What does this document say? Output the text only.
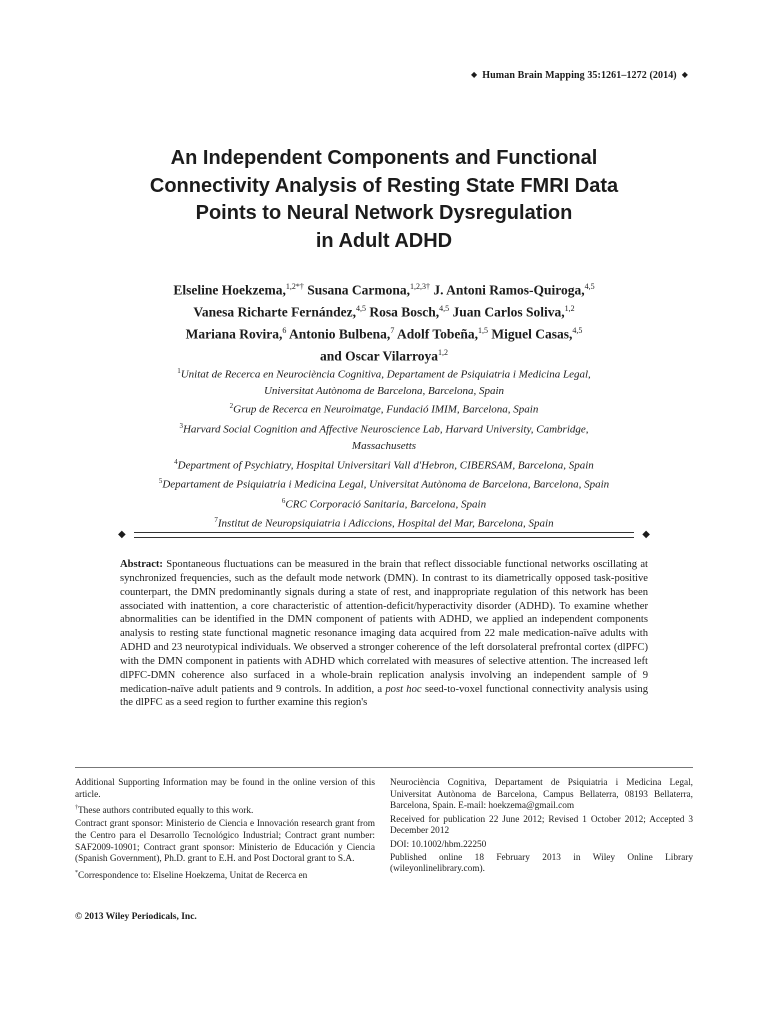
◆ Human Brain Mapping 35:1261–1272 (2014) ◆
An Independent Components and Functional
Connectivity Analysis of Resting State FMRI Data
Points to Neural Network Dysregulation
in Adult ADHD
Elseline Hoekzema,$^{1,2*\dagger}$ Susana Carmona,$^{1,2,3\dagger}$ J. Antoni Ramos-Quiroga,$^{4,5}$
Vanesa Richarte Fernández,$^{4,5}$ Rosa Bosch,$^{4,5}$ Juan Carlos Soliva,$^{1,2}$
Mariana Rovira,$^6$ Antonio Bulbena,$^7$ Adolf Tobeña,$^{1,5}$ Miguel Casas,$^{4,5}$
and Oscar Vilarroya$^{1,2}$
$^1$Unitat de Recerca en Neurociència Cognitiva, Departament de Psiquiatria i Medicina Legal,
Universitat Autònoma de Barcelona, Barcelona, Spain
$^2$Grup de Recerca en Neuroimatge, Fundació IMIM, Barcelona, Spain
$^3$Harvard Social Cognition and Affective Neuroscience Lab, Harvard University, Cambridge,
Massachusetts
$^4$Department of Psychiatry, Hospital Universitari Vall d'Hebron, CIBERSAM, Barcelona, Spain
$^5$Departament de Psiquiatria i Medicina Legal, Universitat Autònoma de Barcelona, Barcelona, Spain
$^6$CRC Corporació Sanitaria, Barcelona, Spain
$^7$Institut de Neuropsiquiatria i Adiccions, Hospital del Mar, Barcelona, Spain
◆	◆
Abstract: Spontaneous fluctuations can be measured in the brain that reflect dissociable functional networks oscillating at synchronized frequencies, such as the default mode network (DMN). In contrast to its diametrically opposed task-positive counterpart, the DMN predominantly signals during a state of rest, and inappropriate regulation of this network has been associated with inattention, a core characteristic of attention-deficit/hyperactivity disorder (ADHD). To examine whether abnormalities can be identified in the DMN component of patients with ADHD, we applied an independent components analysis to resting state functional magnetic resonance imaging data acquired from 22 male medication-naïve adults with ADHD and 23 neurotypical individuals. We observed a stronger coherence of the left dorsolateral prefrontal cortex (dlPFC) with the DMN component in patients with ADHD which correlated with measures of selective attention. The increased left dlPFC-DMN coherence also surfaced in a whole-brain replication analysis involving an independent sample of 9 medication-naïve adult patients and 9 controls. In addition, a post hoc seed-to-voxel functional connectivity analysis using the dlPFC as a seed region to further examine this region's

Additional Supporting Information may be found in the online version of this article.

†These authors contributed equally to this work.

Contract grant sponsor: Ministerio de Ciencia e Innovación research grant from the Centro para el Desarrollo Tecnológico Industrial; Contract grant number: SAF2009-10901; Contract grant sponsor: Ministerio de Educación y Ciencia (Spanish Government), Ph.D. grant to E.H. and Post Doctoral grant to S.A.

*Correspondence to: Elseline Hoekzema, Unitat de Recerca en

Neurociència Cognitiva, Departament de Psiquiatria i Medicina Legal, Universitat Autònoma de Barcelona, Campus Bellaterra, 08193 Bellaterra, Barcelona, Spain. E-mail: hoekzema@gmail.com

Received for publication 22 June 2012; Revised 1 October 2012; Accepted 3 December 2012

DOI: 10.1002/hbm.22250

Published online 18 February 2013 in Wiley Online Library (wileyonlinelibrary.com).

© 2013 Wiley Periodicals, Inc.
